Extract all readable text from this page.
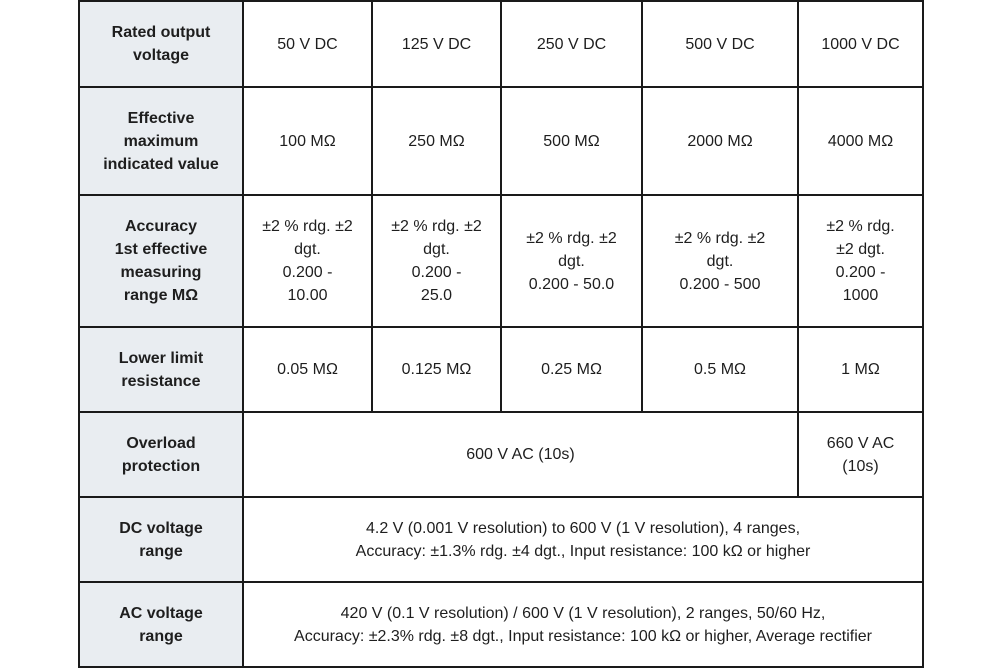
Rated output
voltage	50 V DC	125 V DC	250 V DC	500 V DC	1000 V DC
Effective
maximum
indicated value	100 MΩ	250 MΩ	500 MΩ	2000 MΩ	4000 MΩ
Accuracy
1st effective
measuring
range MΩ	±2 % rdg. ±2
dgt.
0.200 -
10.00	±2 % rdg. ±2
dgt.
0.200 -
25.0	±2 % rdg. ±2
dgt.
0.200 - 50.0	±2 % rdg. ±2
dgt.
0.200 - 500	±2 % rdg.
±2 dgt.
0.200 -
1000
Lower limit
resistance	0.05 MΩ	0.125 MΩ	0.25 MΩ	0.5 MΩ	1 MΩ
Overload
protection	600 V AC (10s)				660 V AC
(10s)
DC voltage
range	4.2 V (0.001 V resolution) to 600 V (1 V resolution), 4 ranges,
Accuracy: ±1.3% rdg. ±4 dgt., Input resistance: 100 kΩ or higher				
AC voltage
range	420 V (0.1 V resolution) / 600 V (1 V resolution), 2 ranges, 50/60 Hz,
Accuracy: ±2.3% rdg. ±8 dgt., Input resistance: 100 kΩ or higher, Average rectifier				
